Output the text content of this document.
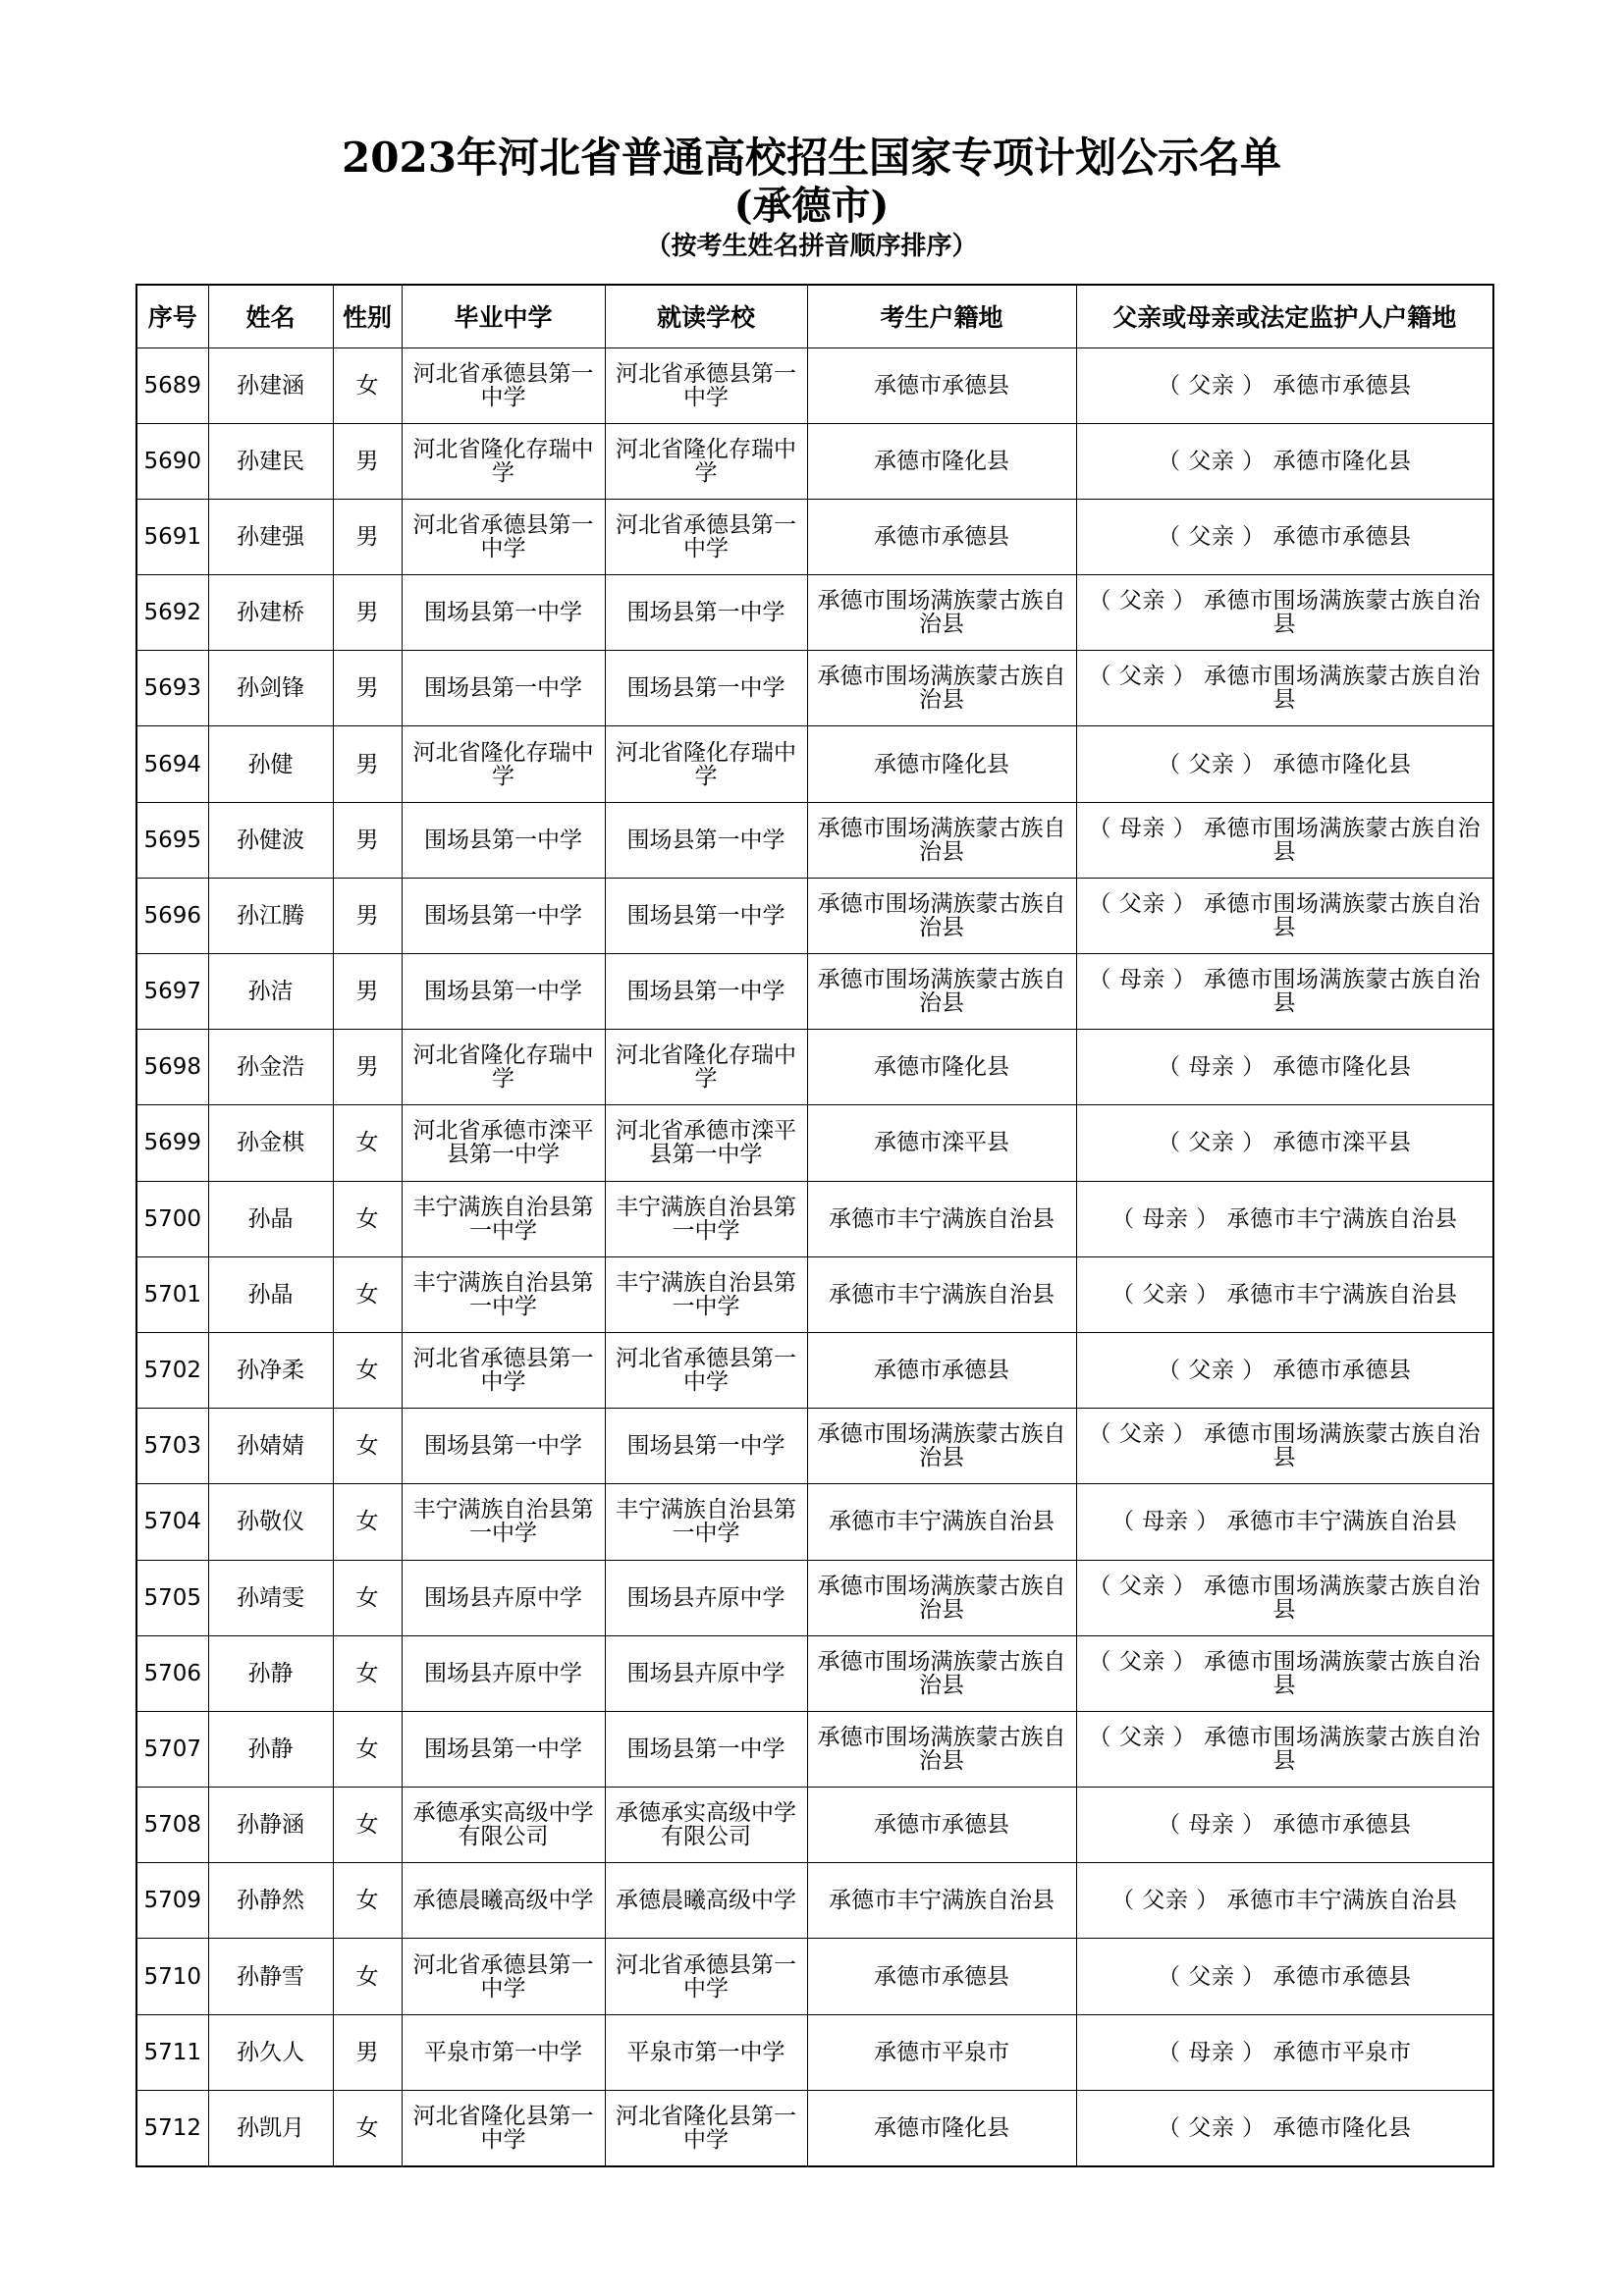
2023年河北省普通高校招生国家专项计划公示名单
(承德市)
（按考生姓名拼音顺序排序）
序号	姓名	性别	毕业中学	就读学校	考生户籍地	父亲或母亲或法定监护人户籍地
5689	孙建涵	女	河北省承德县第一中学	河北省承德县第一中学	承德市承德县	（ 父亲 ） 承德市承德县
5690	孙建民	男	河北省隆化存瑞中学	河北省隆化存瑞中学	承德市隆化县	（ 父亲 ） 承德市隆化县
5691	孙建强	男	河北省承德县第一中学	河北省承德县第一中学	承德市承德县	（ 父亲 ） 承德市承德县
5692	孙建桥	男	围场县第一中学	围场县第一中学	承德市围场满族蒙古族自治县	（ 父亲 ） 承德市围场满族蒙古族自治县
5693	孙剑锋	男	围场县第一中学	围场县第一中学	承德市围场满族蒙古族自治县	（ 父亲 ） 承德市围场满族蒙古族自治县
5694	孙健	男	河北省隆化存瑞中学	河北省隆化存瑞中学	承德市隆化县	（ 父亲 ） 承德市隆化县
5695	孙健波	男	围场县第一中学	围场县第一中学	承德市围场满族蒙古族自治县	（ 母亲 ） 承德市围场满族蒙古族自治县
5696	孙江腾	男	围场县第一中学	围场县第一中学	承德市围场满族蒙古族自治县	（ 父亲 ） 承德市围场满族蒙古族自治县
5697	孙洁	男	围场县第一中学	围场县第一中学	承德市围场满族蒙古族自治县	（ 母亲 ） 承德市围场满族蒙古族自治县
5698	孙金浩	男	河北省隆化存瑞中学	河北省隆化存瑞中学	承德市隆化县	（ 母亲 ） 承德市隆化县
5699	孙金棋	女	河北省承德市滦平县第一中学	河北省承德市滦平县第一中学	承德市滦平县	（ 父亲 ） 承德市滦平县
5700	孙晶	女	丰宁满族自治县第一中学	丰宁满族自治县第一中学	承德市丰宁满族自治县	（ 母亲 ） 承德市丰宁满族自治县
5701	孙晶	女	丰宁满族自治县第一中学	丰宁满族自治县第一中学	承德市丰宁满族自治县	（ 父亲 ） 承德市丰宁满族自治县
5702	孙净柔	女	河北省承德县第一中学	河北省承德县第一中学	承德市承德县	（ 父亲 ） 承德市承德县
5703	孙婧婧	女	围场县第一中学	围场县第一中学	承德市围场满族蒙古族自治县	（ 父亲 ） 承德市围场满族蒙古族自治县
5704	孙敬仪	女	丰宁满族自治县第一中学	丰宁满族自治县第一中学	承德市丰宁满族自治县	（ 母亲 ） 承德市丰宁满族自治县
5705	孙靖雯	女	围场县卉原中学	围场县卉原中学	承德市围场满族蒙古族自治县	（ 父亲 ） 承德市围场满族蒙古族自治县
5706	孙静	女	围场县卉原中学	围场县卉原中学	承德市围场满族蒙古族自治县	（ 父亲 ） 承德市围场满族蒙古族自治县
5707	孙静	女	围场县第一中学	围场县第一中学	承德市围场满族蒙古族自治县	（ 父亲 ） 承德市围场满族蒙古族自治县
5708	孙静涵	女	承德承实高级中学有限公司	承德承实高级中学有限公司	承德市承德县	（ 母亲 ） 承德市承德县
5709	孙静然	女	承德晨曦高级中学	承德晨曦高级中学	承德市丰宁满族自治县	（ 父亲 ） 承德市丰宁满族自治县
5710	孙静雪	女	河北省承德县第一中学	河北省承德县第一中学	承德市承德县	（ 父亲 ） 承德市承德县
5711	孙久人	男	平泉市第一中学	平泉市第一中学	承德市平泉市	（ 母亲 ） 承德市平泉市
5712	孙凯月	女	河北省隆化县第一中学	河北省隆化县第一中学	承德市隆化县	（ 父亲 ） 承德市隆化县
